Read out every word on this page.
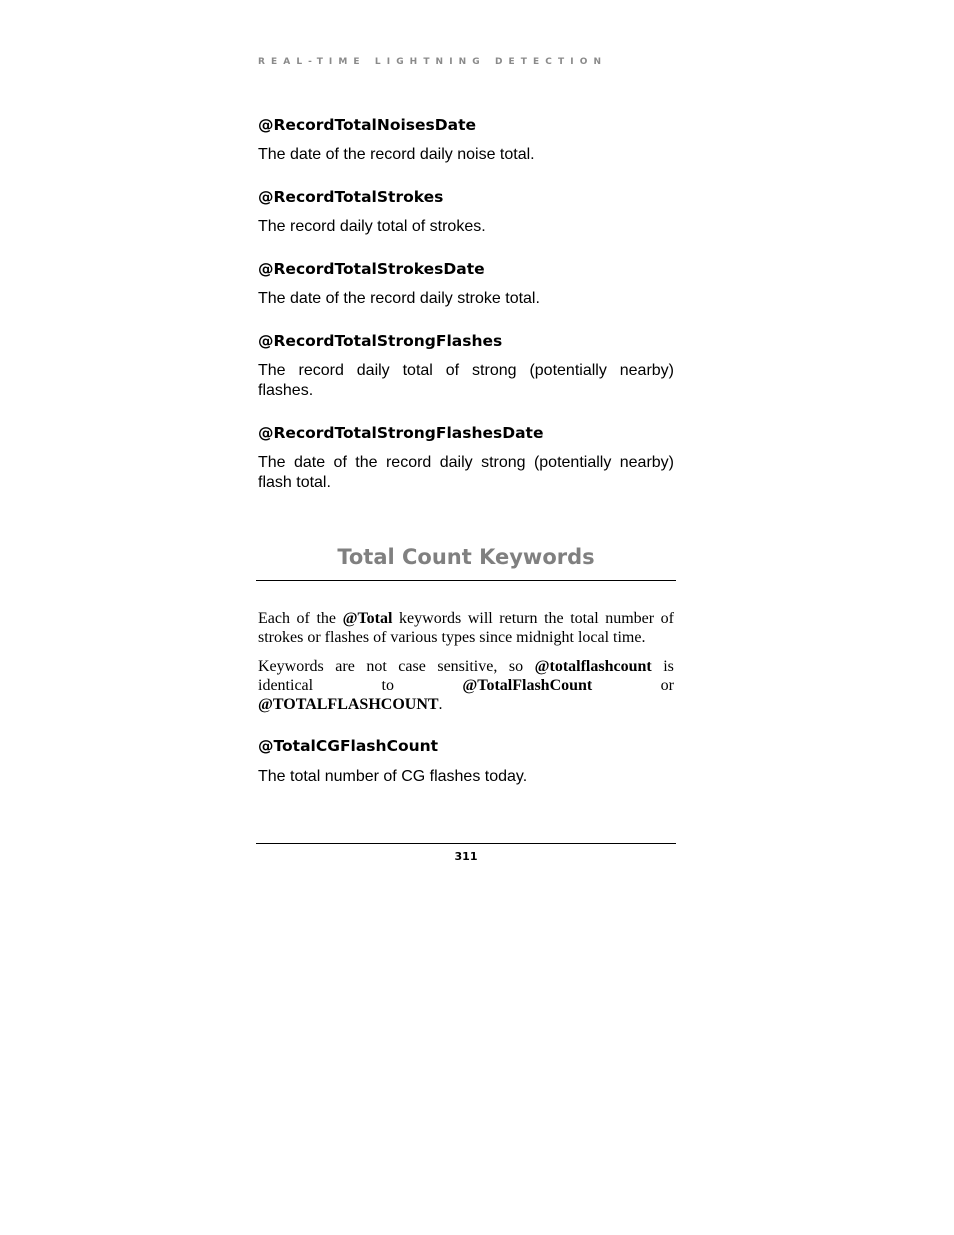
REAL-TIME LIGHTNING DETECTION
@RecordTotalNoisesDate
The date of the record daily noise total.
@RecordTotalStrokes
The record daily total of strokes.
@RecordTotalStrokesDate
The date of the record daily stroke total.
@RecordTotalStrongFlashes
The record daily total of strong (potentially nearby) flashes.
@RecordTotalStrongFlashesDate
The date of the record daily strong (potentially nearby) flash total.
Each of the @Total keywords will return the total number of strokes or flashes of various types since midnight local time.
Keywords are not case sensitive, so @totalflashcount is
identical	to	@TotalFlashCount	or
@TOTALFLASHCOUNT.
@TotalCGFlashCount
The total number of CG flashes today.
Total Count Keywords
311
